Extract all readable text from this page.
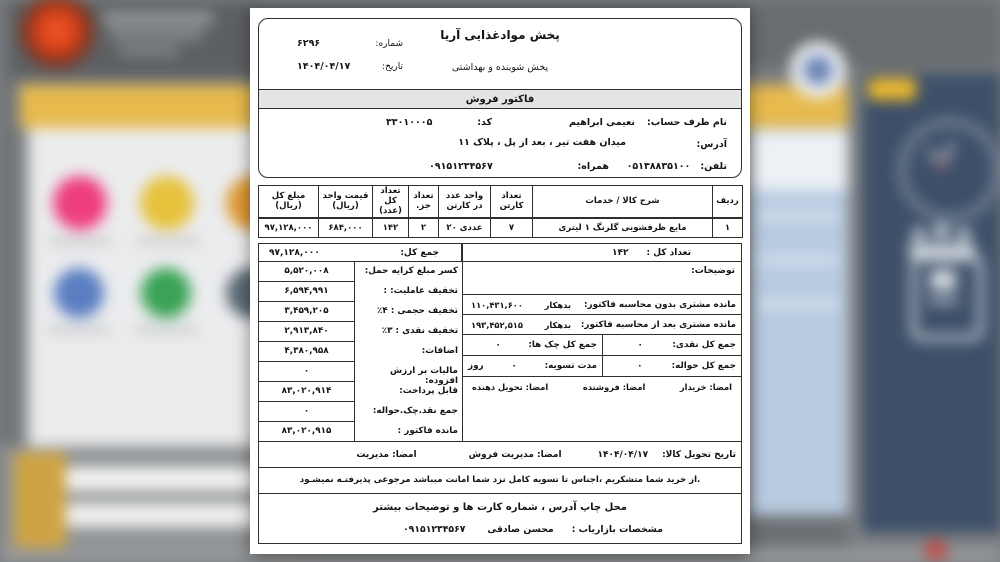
پخش موادغذایی آریا
پخش شوینده و بهداشتی
شماره:
۶۲۹۶
تاریخ:
۱۴۰۴/۰۴/۱۷
فاکتور فروش
نام طرف حساب:
نعیمی ابراهیم
کد:
۳۳۰۱۰۰۰۵
آدرس:
میدان هفت تیر ، بعد از پل ، پلاک ۱۱
تلفن:
۰۵۱۳۸۸۳۵۱۰۰
همراه:
۰۹۱۵۱۲۳۴۵۶۷
ردیف	شرح کالا / خدمات	تعداد کارتن	واحد عدد در کارتن	تعداد جز.	تعداد کل (عدد)	قیمت واحد (ریال)	مبلغ کل (ریال)
۱	مایع ظرفشویی گلرنگ ۱ لیتری	۷	۲۰ عددی	۲	۱۴۲	۶۸۴,۰۰۰	۹۷,۱۲۸,۰۰۰
جمع کل:
۹۷,۱۲۸,۰۰۰	تعداد کل :
۱۴۲
کسر مبلغ کرایه حمل:
۵,۵۲۰,۰۰۸
تخفیف عاملیت: :
۶,۵۹۴,۹۹۱
تخفیف حجمی : ۴٪
۳,۴۵۹,۲۰۵
تخفیف نقدی : ۳٪
۲,۹۱۳,۸۴۰
اضافات:
۴,۳۸۰,۹۵۸
مالیات بر ارزش افزوده:
۰
قابل پرداخت:
۸۳,۰۲۰,۹۱۴
جمع نقد.چک.حواله:
۰
مانده فاکتور :
۸۳,۰۲۰,۹۱۵
توضیحات:
مانده مشتری بدون محاسبه فاکتور:
بدهکار
۱۱۰,۴۳۱,۶۰۰
مانده مشتری بعد از محاسبه فاکتور:
بدهکار
۱۹۳,۴۵۲,۵۱۵
جمع کل نقدی:
۰
جمع کل چک ها:
۰
جمع کل حواله:
۰
مدت تسویه:
۰
روز
امضا: خریدار
امضا: فروشنده
امضا: تحویل دهنده
تاریخ تحویل کالا:
۱۴۰۴/۰۴/۱۷
امضا: مدیریت فروش
امضا: مدیریت
.از خرید شما متشکریم ،اجناس تا تسویه کامل نزد شما امانت میباشد مرجوعی پذیرفتـه نمیشـود
محل چاپ آدرس ، شماره کارت ها و توضیحات بیشتر
مشخصات بازاریاب :
محسن صادقی
۰۹۱۵۱۲۳۴۵۶۷
